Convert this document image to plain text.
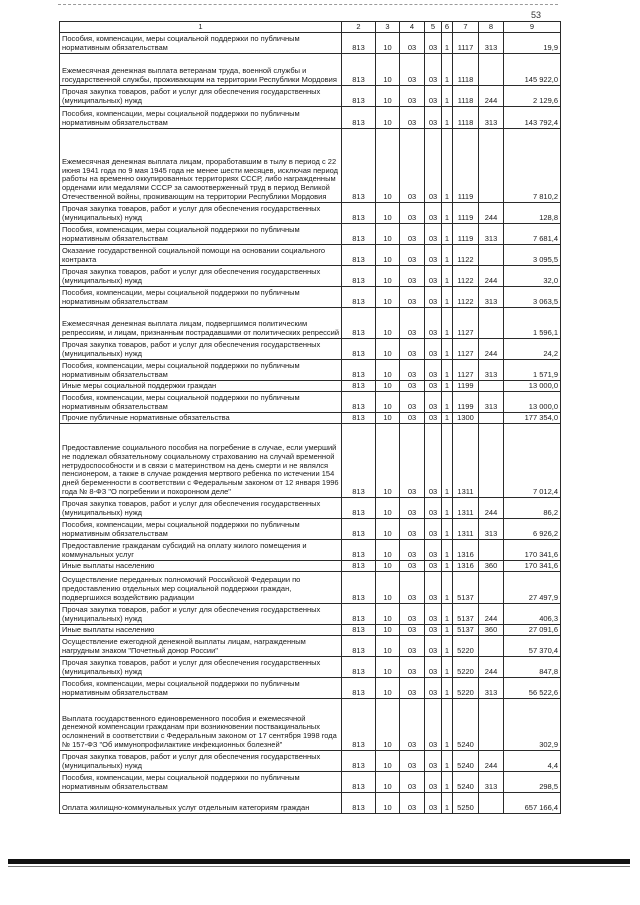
53
1	2	3	4	5	6	7	8	9
Пособия, компенсации, меры социальной поддержки по публичным нормативным обязательствам	813	10	03	03	1	1117	313	19,9
Ежемесячная денежная выплата ветеранам труда, военной службы и государственной службы, проживающим на территории Республики Мордовия	813	10	03	03	1	1118		145 922,0
Прочая закупка товаров, работ и услуг для обеспечения государственных (муниципальных) нужд	813	10	03	03	1	1118	244	2 129,6
Пособия, компенсации, меры социальной поддержки по публичным нормативным обязательствам	813	10	03	03	1	1118	313	143 792,4
Ежемесячная денежная выплата лицам, проработавшим в тылу в период с 22 июня 1941 года по 9 мая 1945 года не менее шести месяцев, исключая период работы на временно оккупированных территориях СССР, либо награжденным орденами или медалями СССР за самоотверженный труд в период Великой Отечественной войны, проживающим на территории Республики Мордовия	813	10	03	03	1	1119		7 810,2
Прочая закупка товаров, работ и услуг для обеспечения государственных (муниципальных) нужд	813	10	03	03	1	1119	244	128,8
Пособия, компенсации, меры социальной поддержки по публичным нормативным обязательствам	813	10	03	03	1	1119	313	7 681,4
Оказание государственной социальной помощи на основании социального контракта	813	10	03	03	1	1122		3 095,5
Прочая закупка товаров, работ и услуг для обеспечения государственных (муниципальных) нужд	813	10	03	03	1	1122	244	32,0
Пособия, компенсации, меры социальной поддержки по публичным нормативным обязательствам	813	10	03	03	1	1122	313	3 063,5
Ежемесячная денежная выплата лицам, подвергшимся политическим репрессиям, и лицам, признанным пострадавшими от политических репрессий	813	10	03	03	1	1127		1 596,1
Прочая закупка товаров, работ и услуг для обеспечения государственных (муниципальных) нужд	813	10	03	03	1	1127	244	24,2
Пособия, компенсации, меры социальной поддержки по публичным нормативным обязательствам	813	10	03	03	1	1127	313	1 571,9
Иные меры социальной поддержки граждан	813	10	03	03	1	1199		13 000,0
Пособия, компенсации, меры социальной поддержки по публичным нормативным обязательствам	813	10	03	03	1	1199	313	13 000,0
Прочие публичные нормативные обязательства	813	10	03	03	1	1300		177 354,0
Предоставление социального пособия на погребение в случае, если умерший не подлежал обязательному социальному страхованию на случай временной нетрудоспособности и в связи с материнством на день смерти и не являлся пенсионером, а также в случае рождения мертвого ребенка по истечении 154 дней беременности в соответствии с Федеральным законом от 12 января 1996 года № 8-ФЗ "О погребении и похоронном деле"	813	10	03	03	1	1311		7 012,4
Прочая закупка товаров, работ и услуг для обеспечения государственных (муниципальных) нужд	813	10	03	03	1	1311	244	86,2
Пособия, компенсации, меры социальной поддержки по публичным нормативным обязательствам	813	10	03	03	1	1311	313	6 926,2
Предоставление гражданам субсидий на оплату жилого помещения и коммунальных услуг	813	10	03	03	1	1316		170 341,6
Иные выплаты населению	813	10	03	03	1	1316	360	170 341,6
Осуществление переданных полномочий Российской Федерации по предоставлению отдельных мер социальной поддержки граждан, подвергшихся воздействию радиации	813	10	03	03	1	5137		27 497,9
Прочая закупка товаров, работ и услуг для обеспечения государственных (муниципальных) нужд	813	10	03	03	1	5137	244	406,3
Иные выплаты населению	813	10	03	03	1	5137	360	27 091,6
Осуществление ежегодной денежной выплаты лицам, награжденным нагрудным знаком "Почетный донор России"	813	10	03	03	1	5220		57 370,4
Прочая закупка товаров, работ и услуг для обеспечения государственных (муниципальных) нужд	813	10	03	03	1	5220	244	847,8
Пособия, компенсации, меры социальной поддержки по публичным нормативным обязательствам	813	10	03	03	1	5220	313	56 522,6
Выплата государственного единовременного пособия и ежемесячной денежной компенсации гражданам при возникновении поствакцинальных осложнений в соответствии с Федеральным законом от 17 сентября 1998 года № 157-ФЗ "Об иммунопрофилактике инфекционных болезней"	813	10	03	03	1	5240		302,9
Прочая закупка товаров, работ и услуг для обеспечения государственных (муниципальных) нужд	813	10	03	03	1	5240	244	4,4
Пособия, компенсации, меры социальной поддержки по публичным нормативным обязательствам	813	10	03	03	1	5240	313	298,5
Оплата жилищно-коммунальных услуг отдельным категориям граждан	813	10	03	03	1	5250		657 166,4
